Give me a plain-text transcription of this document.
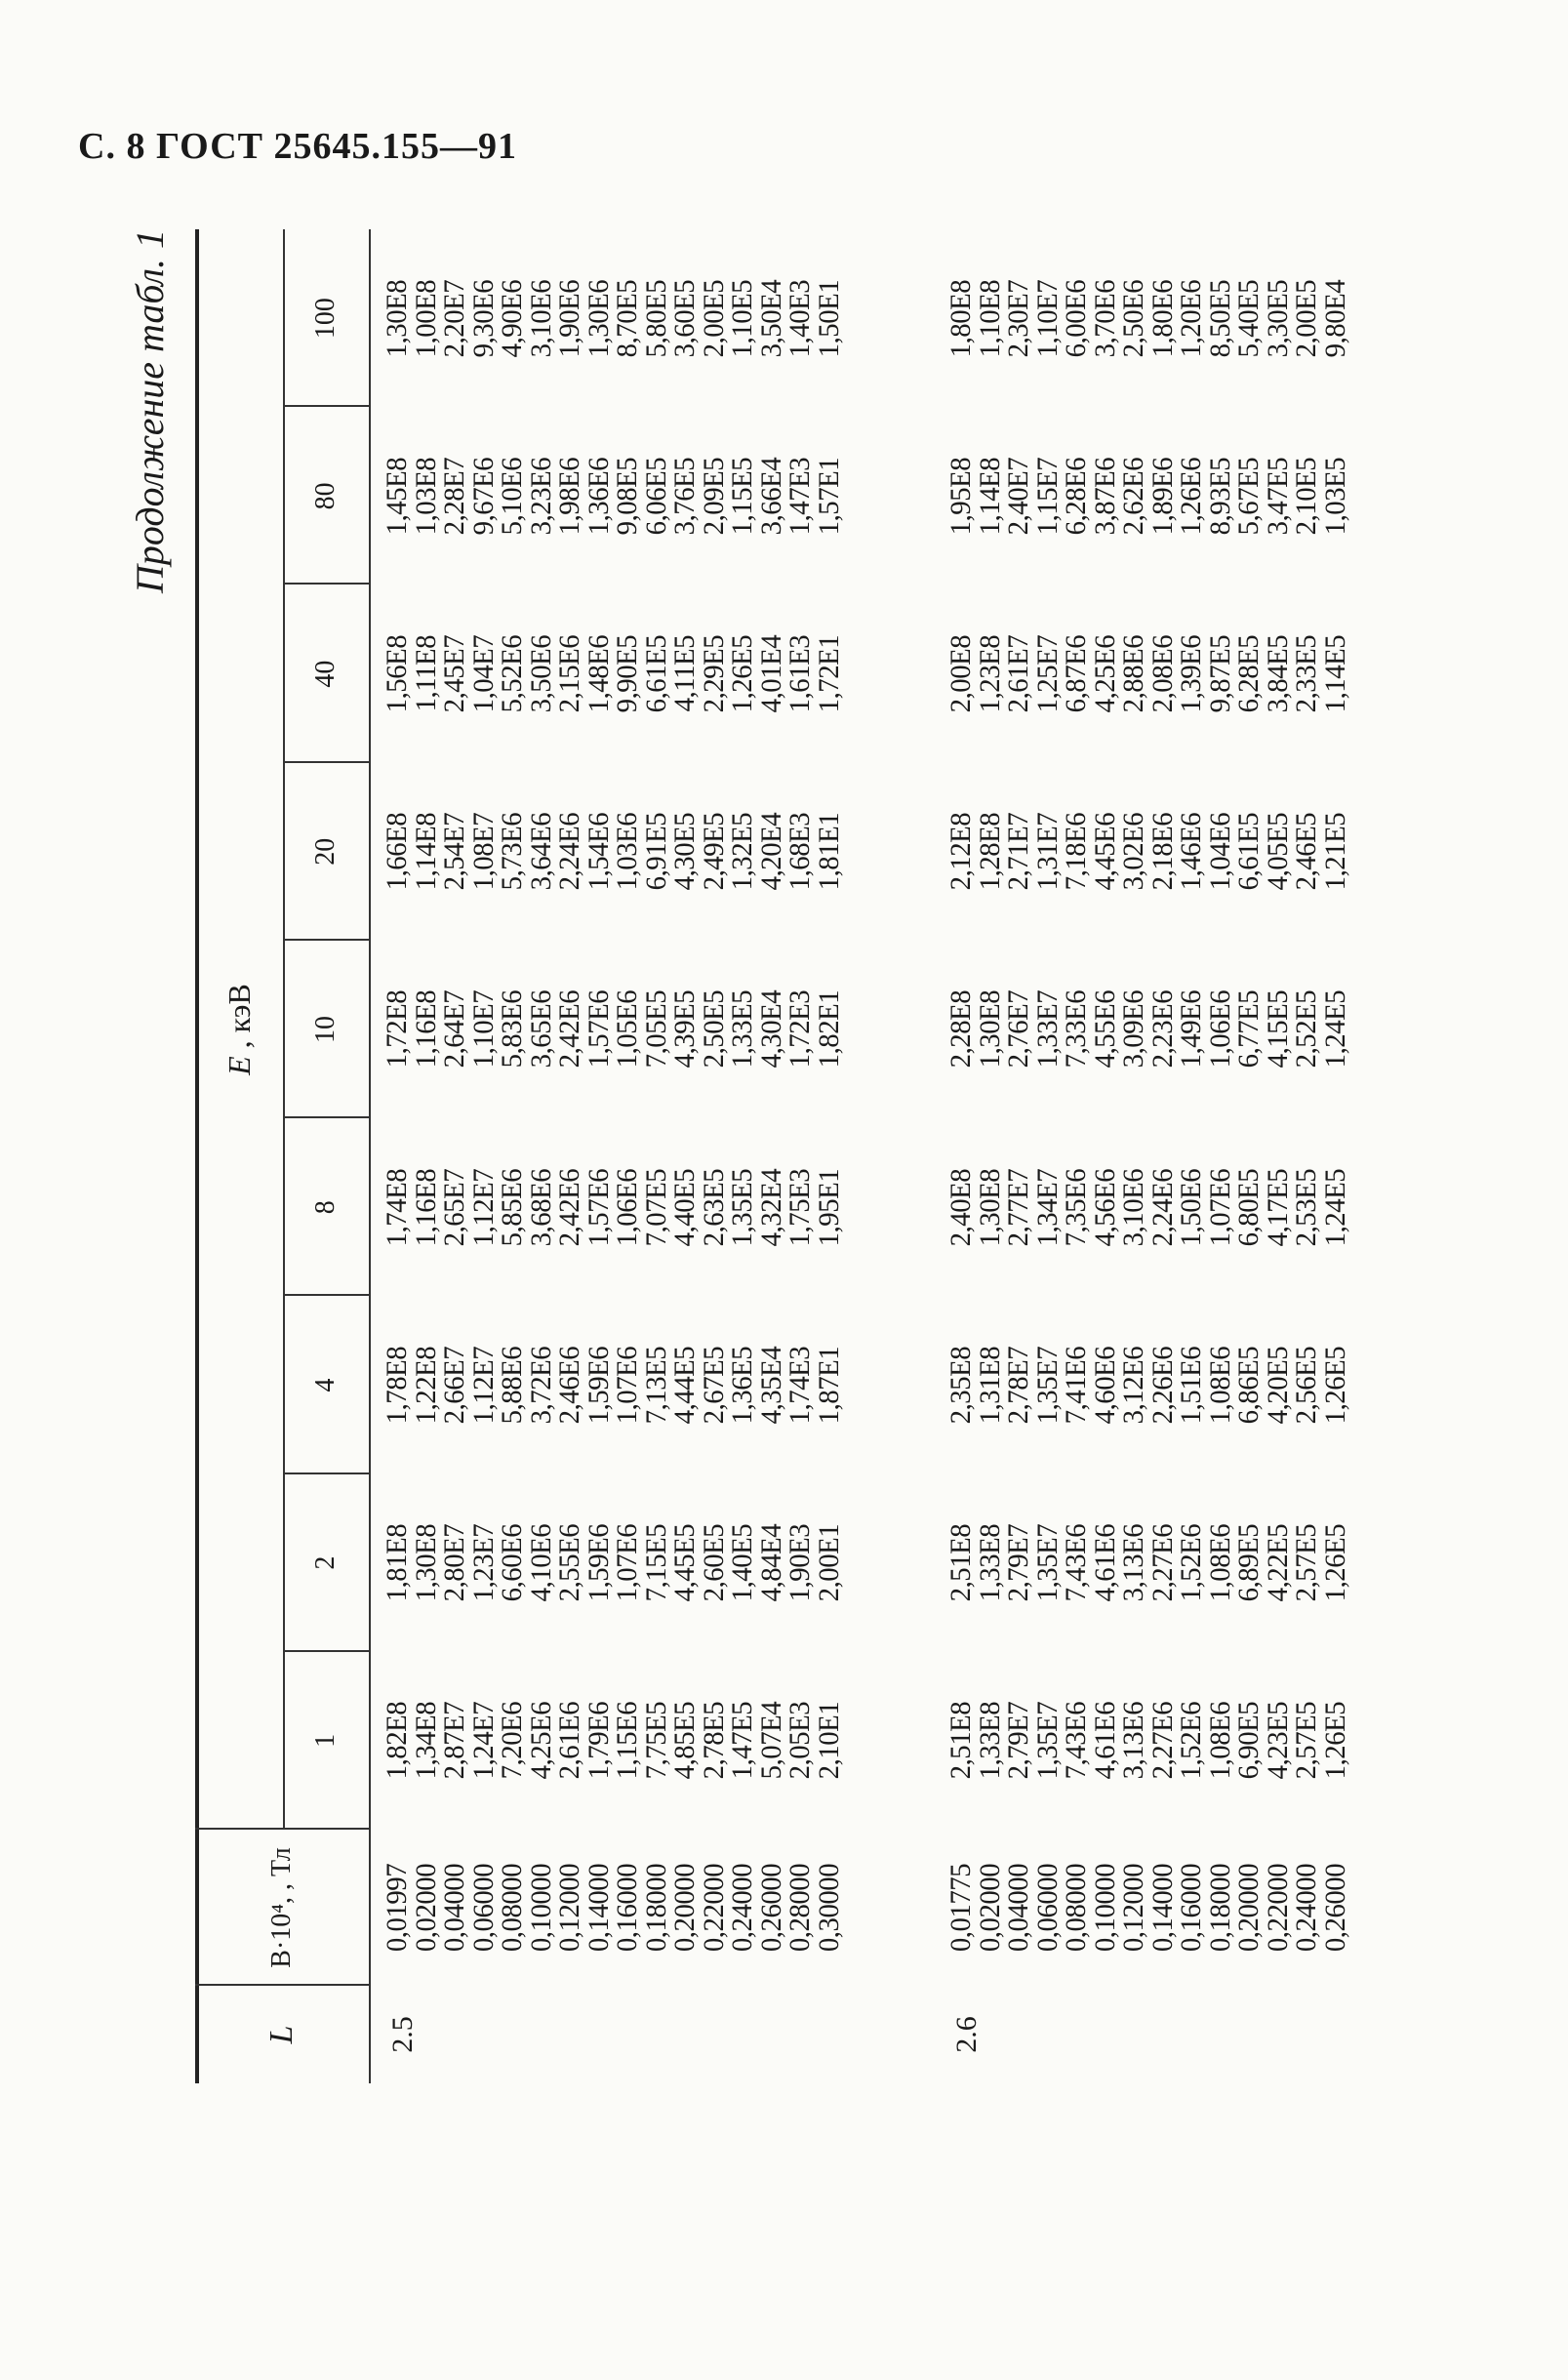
С. 8 ГОСТ 25645.155—91
Продолжение табл. 1
L
B·10⁴, , Тл
E
, кэВ
1
2
4
8
10
20
40
80
100
2.5
0,01997
0,02000
0,04000
0,06000
0,08000
0,10000
0,12000
0,14000
0,16000
0,18000
0,20000
0,22000
0,24000
0,26000
0,28000
0,30000
1,82E8
1,34E8
2,87E7
1,24E7
7,20E6
4,25E6
2,61E6
1,79E6
1,15E6
7,75E5
4,85E5
2,78E5
1,47E5
5,07E4
2,05E3
2,10E1
1,81E8
1,30E8
2,80E7
1,23E7
6,60E6
4,10E6
2,55E6
1,59E6
1,07E6
7,15E5
4,45E5
2,60E5
1,40E5
4,84E4
1,90E3
2,00E1
1,78E8
1,22E8
2,66E7
1,12E7
5,88E6
3,72E6
2,46E6
1,59E6
1,07E6
7,13E5
4,44E5
2,67E5
1,36E5
4,35E4
1,74E3
1,87E1
1,74E8
1,16E8
2,65E7
1,12E7
5,85E6
3,68E6
2,42E6
1,57E6
1,06E6
7,07E5
4,40E5
2,63E5
1,35E5
4,32E4
1,75E3
1,95E1
1,72E8
1,16E8
2,64E7
1,10E7
5,83E6
3,65E6
2,42E6
1,57E6
1,05E6
7,05E5
4,39E5
2,50E5
1,33E5
4,30E4
1,72E3
1,82E1
1,66E8
1,14E8
2,54E7
1,08E7
5,73E6
3,64E6
2,24E6
1,54E6
1,03E6
6,91E5
4,30E5
2,49E5
1,32E5
4,20E4
1,68E3
1,81E1
1,56E8
1,11E8
2,45E7
1,04E7
5,52E6
3,50E6
2,15E6
1,48E6
9,90E5
6,61E5
4,11E5
2,29E5
1,26E5
4,01E4
1,61E3
1,72E1
1,45E8
1,03E8
2,28E7
9,67E6
5,10E6
3,23E6
1,98E6
1,36E6
9,08E5
6,06E5
3,76E5
2,09E5
1,15E5
3,66E4
1,47E3
1,57E1
1,30E8
1,00E8
2,20E7
9,30E6
4,90E6
3,10E6
1,90E6
1,30E6
8,70E5
5,80E5
3,60E5
2,00E5
1,10E5
3,50E4
1,40E3
1,50E1
2.6
0,01775
0,02000
0,04000
0,06000
0,08000
0,10000
0,12000
0,14000
0,16000
0,18000
0,20000
0,22000
0,24000
0,26000
2,51E8
1,33E8
2,79E7
1,35E7
7,43E6
4,61E6
3,13E6
2,27E6
1,52E6
1,08E6
6,90E5
4,23E5
2,57E5
1,26E5
2,51E8
1,33E8
2,79E7
1,35E7
7,43E6
4,61E6
3,13E6
2,27E6
1,52E6
1,08E6
6,89E5
4,22E5
2,57E5
1,26E5
2,35E8
1,31E8
2,78E7
1,35E7
7,41E6
4,60E6
3,12E6
2,26E6
1,51E6
1,08E6
6,86E5
4,20E5
2,56E5
1,26E5
2,40E8
1,30E8
2,77E7
1,34E7
7,35E6
4,56E6
3,10E6
2,24E6
1,50E6
1,07E6
6,80E5
4,17E5
2,53E5
1,24E5
2,28E8
1,30E8
2,76E7
1,33E7
7,33E6
4,55E6
3,09E6
2,23E6
1,49E6
1,06E6
6,77E5
4,15E5
2,52E5
1,24E5
2,12E8
1,28E8
2,71E7
1,31E7
7,18E6
4,45E6
3,02E6
2,18E6
1,46E6
1,04E6
6,61E5
4,05E5
2,46E5
1,21E5
2,00E8
1,23E8
2,61E7
1,25E7
6,87E6
4,25E6
2,88E6
2,08E6
1,39E6
9,87E5
6,28E5
3,84E5
2,33E5
1,14E5
1,95E8
1,14E8
2,40E7
1,15E7
6,28E6
3,87E6
2,62E6
1,89E6
1,26E6
8,93E5
5,67E5
3,47E5
2,10E5
1,03E5
1,80E8
1,10E8
2,30E7
1,10E7
6,00E6
3,70E6
2,50E6
1,80E6
1,20E6
8,50E5
5,40E5
3,30E5
2,00E5
9,80E4
